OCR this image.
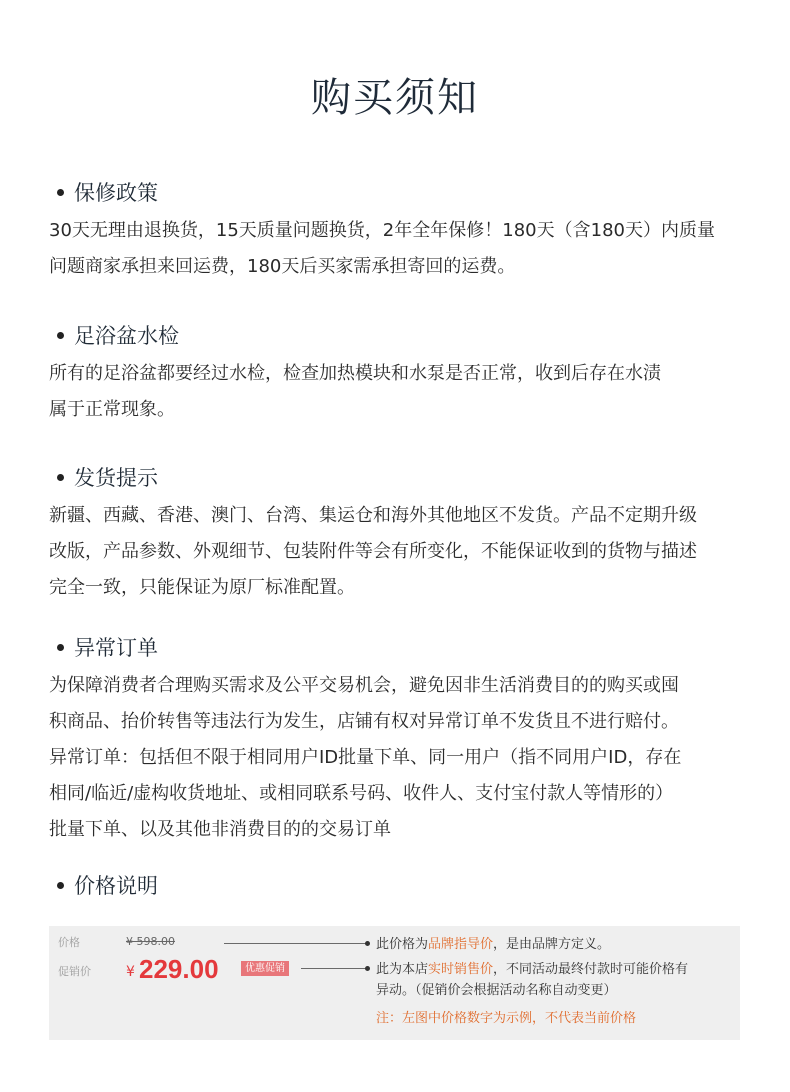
购买须知
保修政策
30天无理由退换货，15天质量问题换货，2年全年保修！180天（含180天）内质量
问题商家承担来回运费，180天后买家需承担寄回的运费。
足浴盆水检
所有的足浴盆都要经过水检，检查加热模块和水泵是否正常，收到后存在水渍
属于正常现象。
发货提示
新疆、西藏、香港、澳门、台湾、集运仓和海外其他地区不发货。产品不定期升级
改版，产品参数、外观细节、包装附件等会有所变化，不能保证收到的货物与描述
完全一致，只能保证为原厂标准配置。
异常订单
为保障消费者合理购买需求及公平交易机会，避免因非生活消费目的的购买或囤
积商品、抬价转售等违法行为发生，店铺有权对异常订单不发货且不进行赔付。
异常订单：包括但不限于相同用户ID批量下单、同一用户（指不同用户ID，存在
相同/临近/虚构收货地址、或相同联系号码、收件人、支付宝付款人等情形的）
批量下单、以及其他非消费目的的交易订单
价格说明
价格	¥ 598.00
促销价	¥ 229.00	优惠促销
此价格为品牌指导价，是由品牌方定义。
此为本店实时销售价，不同活动最终付款时可能价格有
异动。（促销价会根据活动名称自动变更）
注：左图中价格数字为示例，不代表当前价格
